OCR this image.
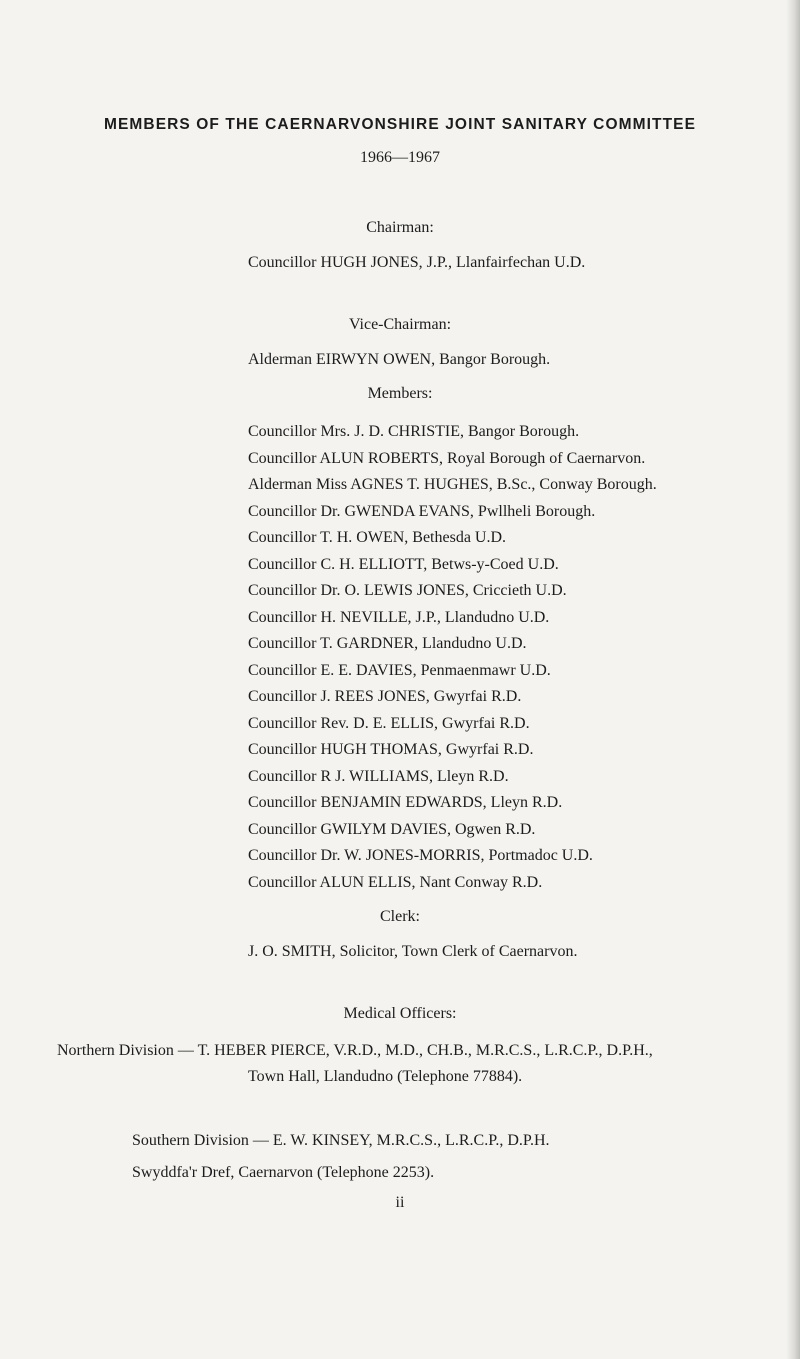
MEMBERS OF THE CAERNARVONSHIRE JOINT SANITARY COMMITTEE
1966—1967
Chairman:
Councillor HUGH JONES, J.P., Llanfairfechan U.D.
Vice-Chairman:
Alderman EIRWYN OWEN, Bangor Borough.
Members:
Councillor Mrs. J. D. CHRISTIE, Bangor Borough.
Councillor ALUN ROBERTS, Royal Borough of Caernarvon.
Alderman Miss AGNES T. HUGHES, B.Sc., Conway Borough.
Councillor Dr. GWENDA EVANS, Pwllheli Borough.
Councillor T. H. OWEN, Bethesda U.D.
Councillor C. H. ELLIOTT, Betws-y-Coed U.D.
Councillor Dr. O. LEWIS JONES, Criccieth U.D.
Councillor H. NEVILLE, J.P., Llandudno U.D.
Councillor T. GARDNER, Llandudno U.D.
Councillor E. E. DAVIES, Penmaenmawr U.D.
Councillor J. REES JONES, Gwyrfai R.D.
Councillor Rev. D. E. ELLIS, Gwyrfai R.D.
Councillor HUGH THOMAS, Gwyrfai R.D.
Councillor R J. WILLIAMS, Lleyn R.D.
Councillor BENJAMIN EDWARDS, Lleyn R.D.
Councillor GWILYM DAVIES, Ogwen R.D.
Councillor Dr. W. JONES-MORRIS, Portmadoc U.D.
Councillor ALUN ELLIS, Nant Conway R.D.
Clerk:
J. O. SMITH, Solicitor, Town Clerk of Caernarvon.
Medical Officers:
Northern Division — T. HEBER PIERCE, V.R.D., M.D., CH.B., M.R.C.S., L.R.C.P., D.P.H.,
Town Hall, Llandudno (Telephone 77884).
Southern Division — E. W. KINSEY, M.R.C.S., L.R.C.P., D.P.H.
Swyddfa'r Dref, Caernarvon (Telephone 2253).
ii
